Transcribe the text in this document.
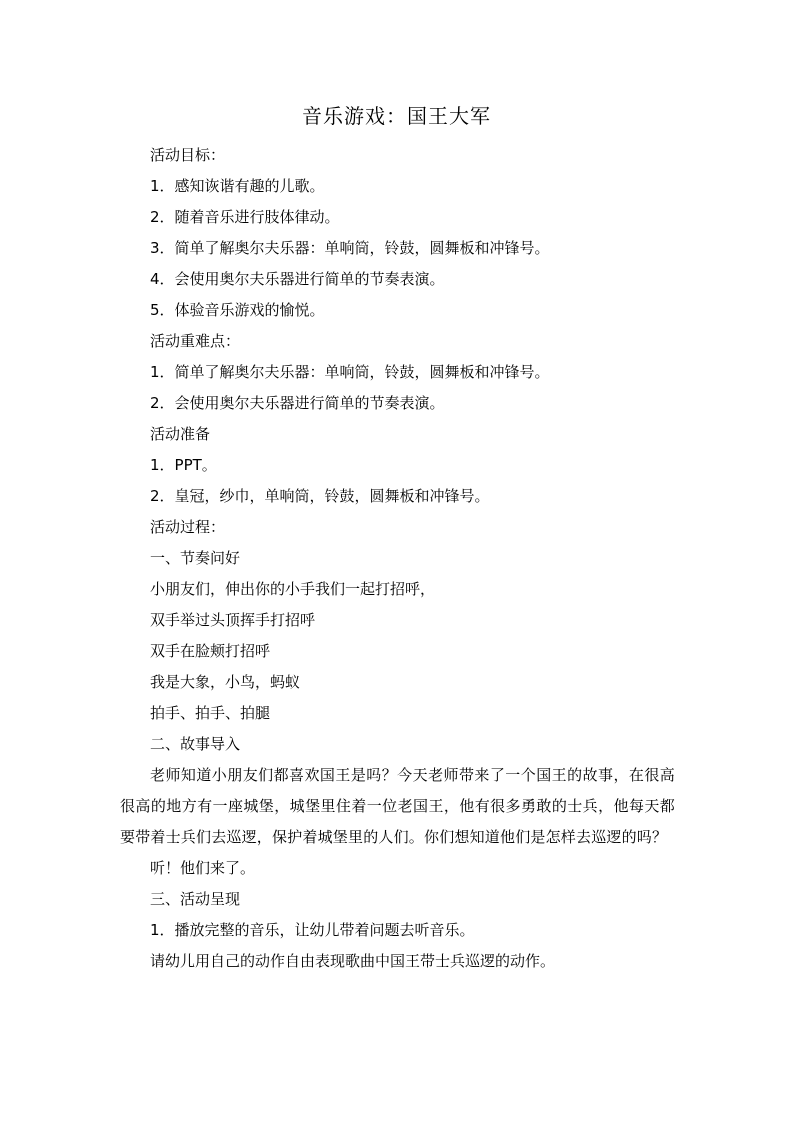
音乐游戏：国王大军

活动目标：

1．感知诙谐有趣的儿歌。

2．随着音乐进行肢体律动。

3．简单了解奥尔夫乐器：单响筒，铃鼓，圆舞板和冲锋号。

4．会使用奥尔夫乐器进行简单的节奏表演。

5．体验音乐游戏的愉悦。

活动重难点：

1．简单了解奥尔夫乐器：单响筒，铃鼓，圆舞板和冲锋号。

2．会使用奥尔夫乐器进行简单的节奏表演。

活动准备

1．PPT。

2．皇冠，纱巾，单响筒，铃鼓，圆舞板和冲锋号。

活动过程：

一、节奏问好

小朋友们，伸出你的小手我们一起打招呼，

双手举过头顶挥手打招呼

双手在脸颊打招呼

我是大象，小鸟，蚂蚁

拍手、拍手、拍腿

二、故事导入

老师知道小朋友们都喜欢国王是吗？今天老师带来了一个国王的故事，在很高很高的地方有一座城堡，城堡里住着一位老国王，他有很多勇敢的士兵，他每天都要带着士兵们去巡逻，保护着城堡里的人们。你们想知道他们是怎样去巡逻的吗？

听！他们来了。

三、活动呈现

1．播放完整的音乐，让幼儿带着问题去听音乐。

请幼儿用自己的动作自由表现歌曲中国王带士兵巡逻的动作。
